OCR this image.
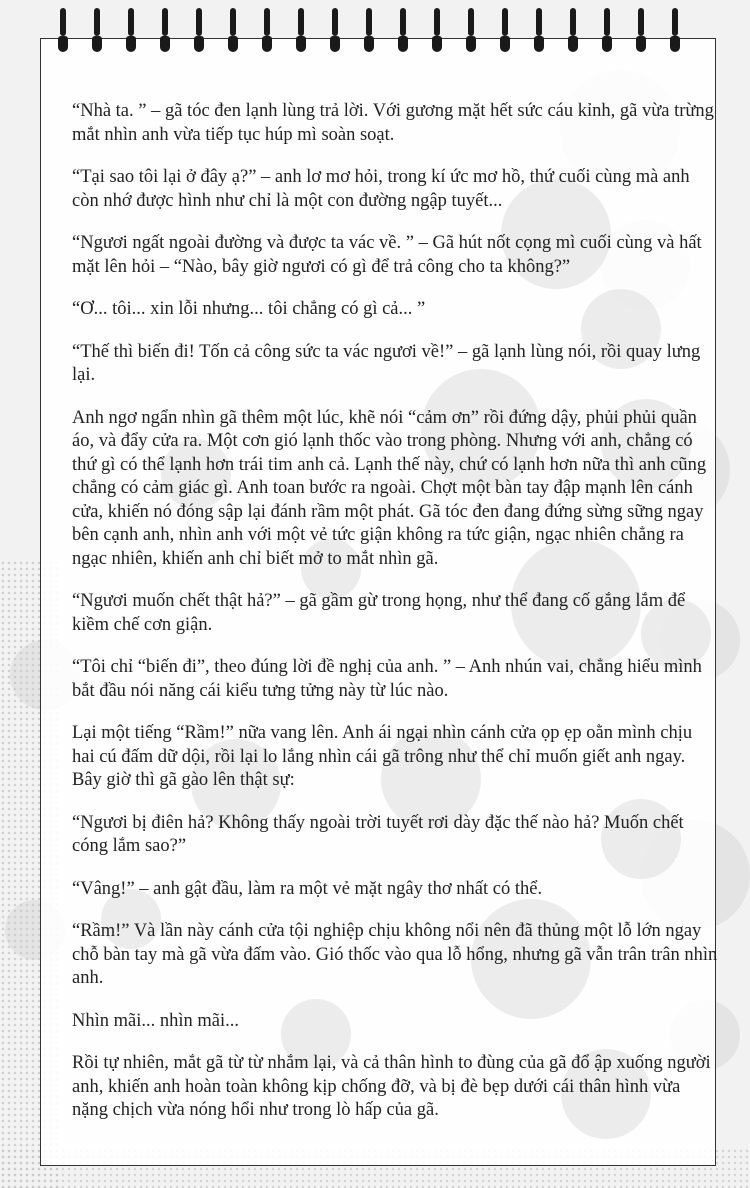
“Nhà ta. ” – gã tóc đen lạnh lùng trả lời. Với gương mặt hết sức cáu kỉnh, gã vừa trừng mắt nhìn anh vừa tiếp tục húp mì soàn soạt.

“Tại sao tôi lại ở đây ạ?” – anh lơ mơ hỏi, trong kí ức mơ hồ, thứ cuối cùng mà anh còn nhớ được hình như chỉ là một con đường ngập tuyết...

“Ngươi ngất ngoài đường và được ta vác về. ” – Gã hút nốt cọng mì cuối cùng và hất mặt lên hỏi – “Nào, bây giờ ngươi có gì để trả công cho ta không?”

“Ơ... tôi... xin lỗi nhưng... tôi chẳng có gì cả... ”

“Thế thì biến đi! Tốn cả công sức ta vác ngươi về!” – gã lạnh lùng nói, rồi quay lưng lại.

Anh ngơ ngẩn nhìn gã thêm một lúc, khẽ nói “cảm ơn” rồi đứng dậy, phủi phủi quần áo, và đẩy cửa ra. Một cơn gió lạnh thốc vào trong phòng. Nhưng với anh, chẳng có thứ gì có thể lạnh hơn trái tim anh cả. Lạnh thế này, chứ có lạnh hơn nữa thì anh cũng chẳng có cảm giác gì. Anh toan bước ra ngoài. Chợt một bàn tay đập mạnh lên cánh cửa, khiến nó đóng sập lại đánh rầm một phát. Gã tóc đen đang đứng sừng sững ngay bên cạnh anh, nhìn anh với một vẻ tức giận không ra tức giận, ngạc nhiên chẳng ra ngạc nhiên, khiến anh chỉ biết mở to mắt nhìn gã.

“Ngươi muốn chết thật hả?” – gã gầm gừ trong họng, như thể đang cố gắng lắm để kiềm chế cơn giận.

“Tôi chỉ “biến đi”, theo đúng lời đề nghị của anh. ” – Anh nhún vai, chẳng hiểu mình bắt đầu nói năng cái kiểu tưng tửng này từ lúc nào.

Lại một tiếng “Rầm!” nữa vang lên. Anh ái ngại nhìn cánh cửa ọp ẹp oằn mình chịu hai cú đấm dữ dội, rồi lại lo lắng nhìn cái gã trông như thể chỉ muốn giết anh ngay. Bây giờ thì gã gào lên thật sự:

“Ngươi bị điên hả? Không thấy ngoài trời tuyết rơi dày đặc thế nào hả? Muốn chết cóng lắm sao?”

“Vâng!” – anh gật đầu, làm ra một vẻ mặt ngây thơ nhất có thể.

“Rầm!” Và lần này cánh cửa tội nghiệp chịu không nổi nên đã thủng một lỗ lớn ngay chỗ bàn tay mà gã vừa đấm vào. Gió thốc vào qua lỗ hổng, nhưng gã vẫn trân trân nhìn anh.

Nhìn mãi... nhìn mãi...

Rồi tự nhiên, mắt gã từ từ nhắm lại, và cả thân hình to đùng của gã đổ ập xuống người anh, khiến anh hoàn toàn không kịp chống đỡ, và bị đè bẹp dưới cái thân hình vừa nặng chịch vừa nóng hổi như trong lò hấp của gã.
